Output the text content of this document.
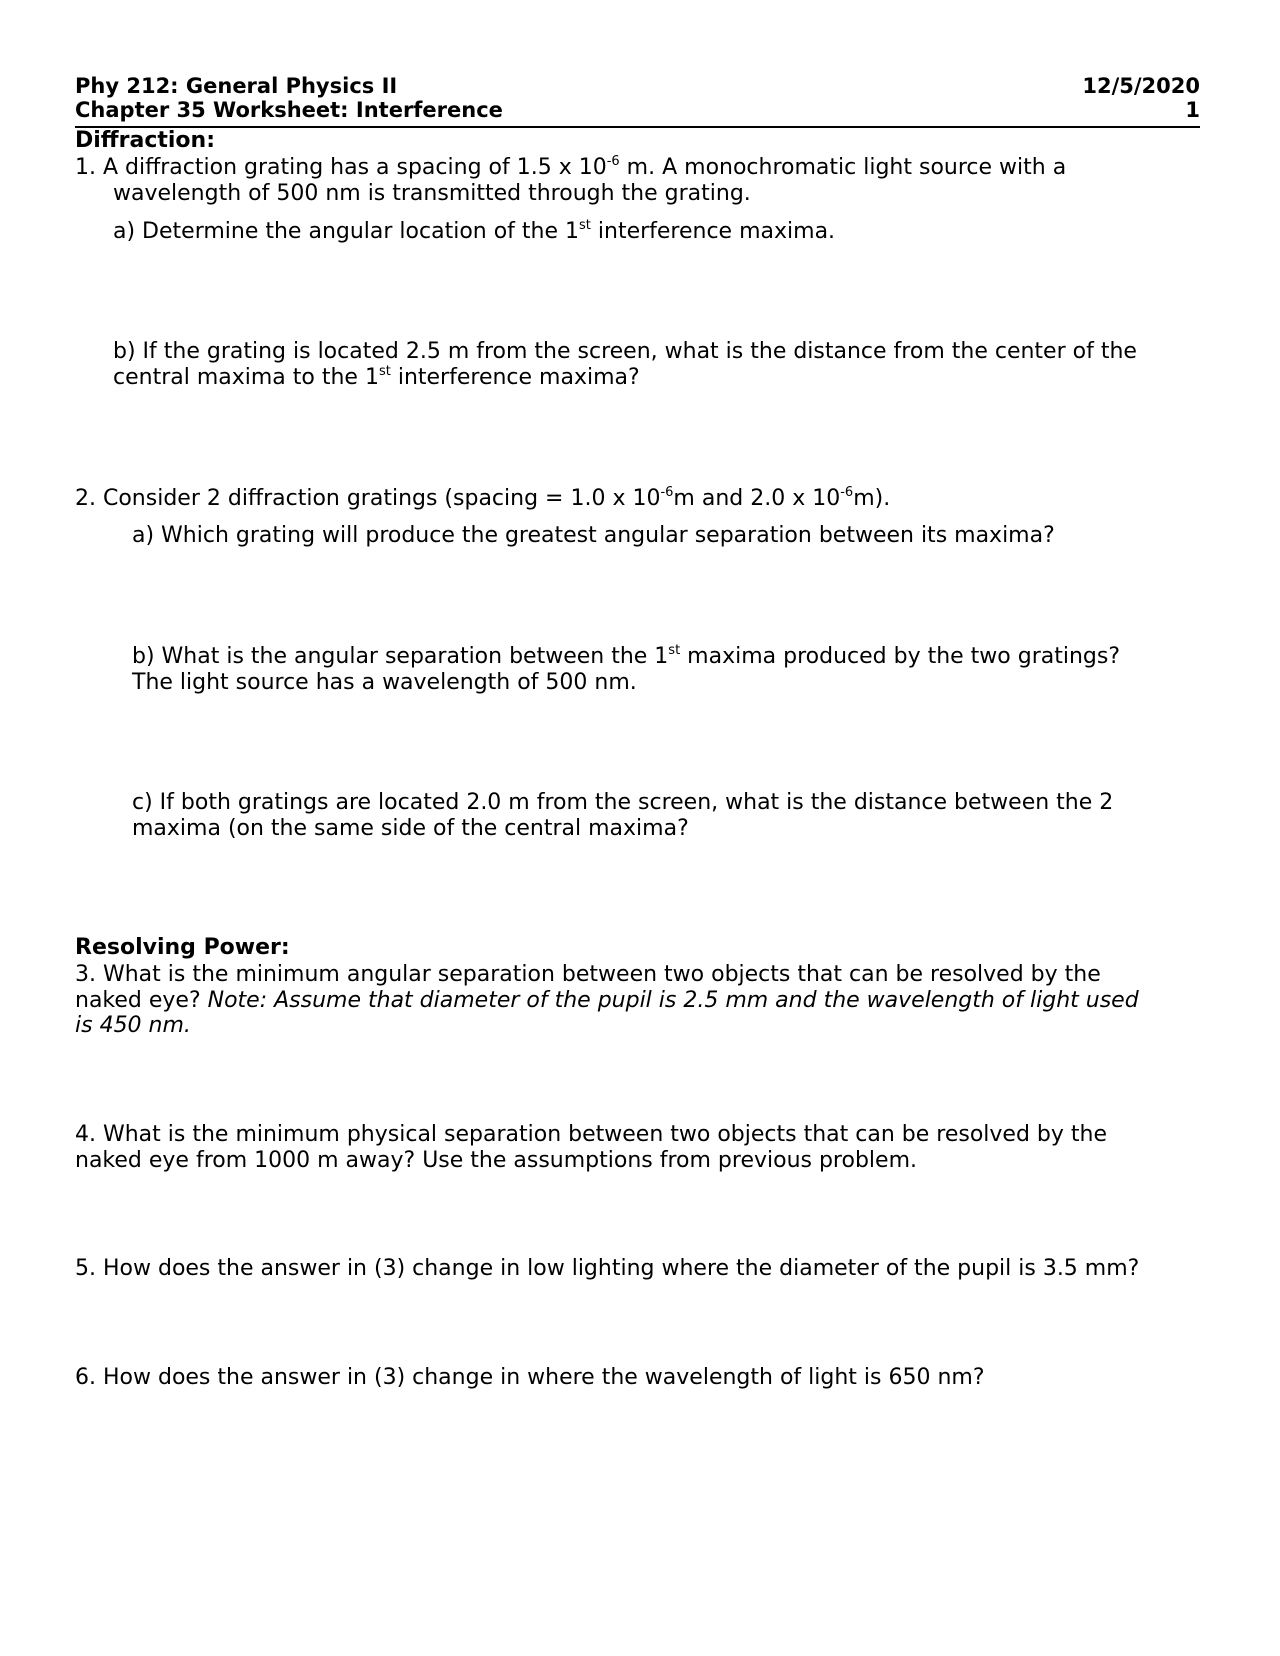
Phy 212: General Physics II
Chapter 35 Worksheet: Interference
12/5/2020
1
Diffraction:
1. A diffraction grating has a spacing of 1.5 x $10^{-6}$ m. A monochromatic light source with a
wavelength of 500 nm is transmitted through the grating.
a) Determine the angular location of the 1st interference maxima.
b) If the grating is located 2.5 m from the screen, what is the distance from the center of the
central maxima to the 1st interference maxima?
2. Consider 2 diffraction gratings (spacing = 1.0 x $10^{-6}m$ and 2.0 x $10^{-6}m$).
a) Which grating will produce the greatest angular separation between its maxima?
b) What is the angular separation between the 1st maxima produced by the two gratings?
The light source has a wavelength of 500 nm.
c) If both gratings are located 2.0 m from the screen, what is the distance between the 2
maxima (on the same side of the central maxima?
Resolving Power:
3. What is the minimum angular separation between two objects that can be resolved by the
naked eye? Note: Assume that diameter of the pupil is 2.5 mm and the wavelength of light used
is 450 nm.
4. What is the minimum physical separation between two objects that can be resolved by the
naked eye from 1000 m away? Use the assumptions from previous problem.
5. How does the answer in (3) change in low lighting where the diameter of the pupil is 3.5 mm?
6. How does the answer in (3) change in where the wavelength of light is 650 nm?
